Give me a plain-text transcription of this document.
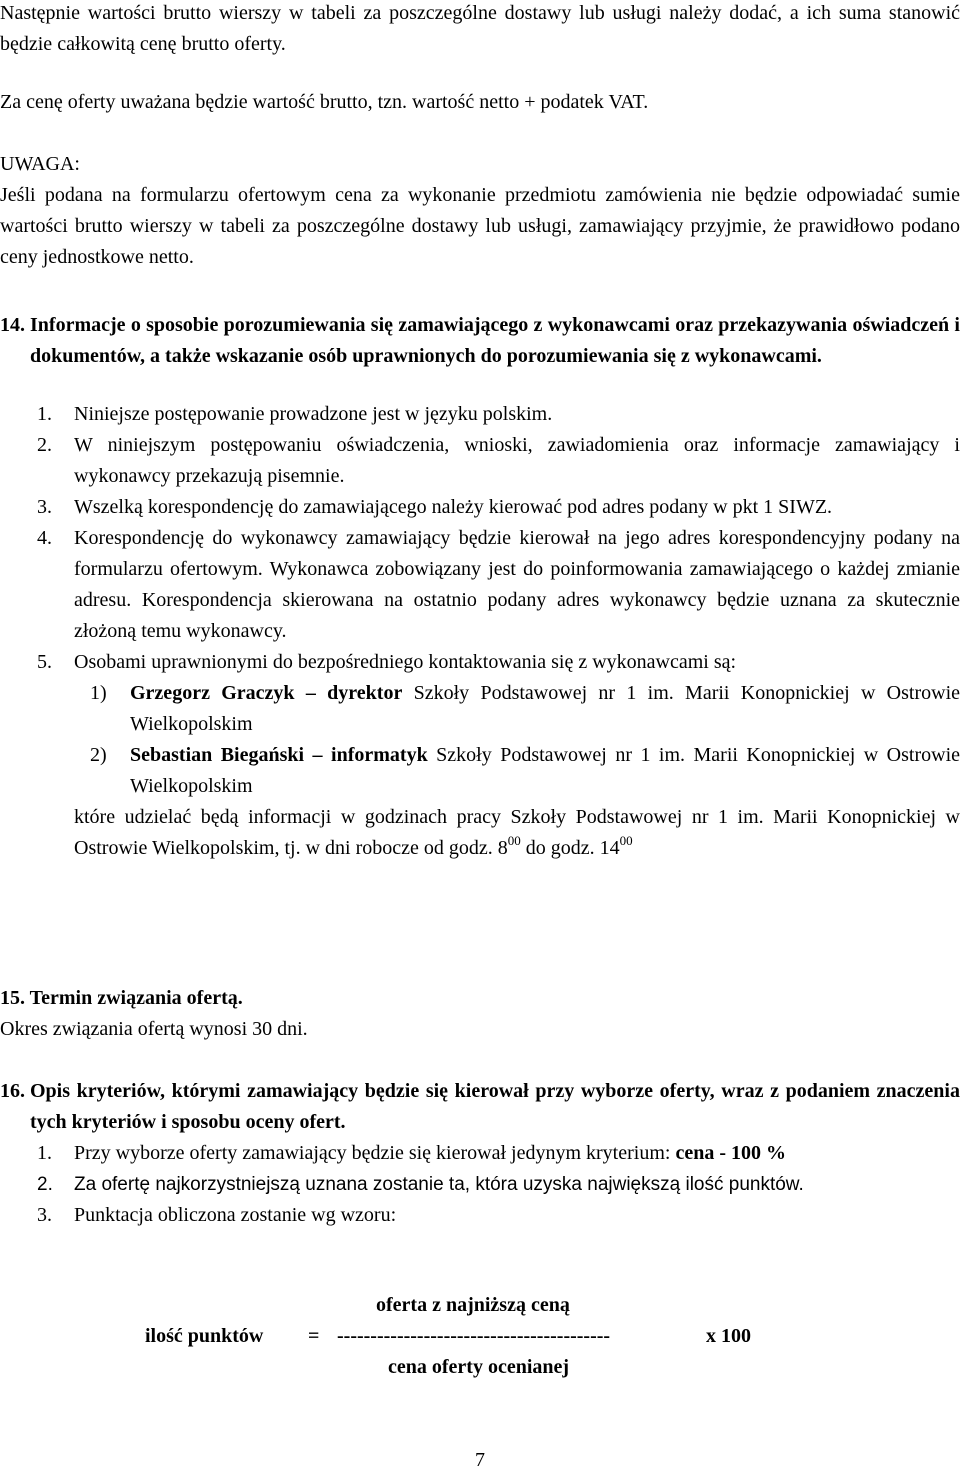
Następnie wartości brutto wierszy w tabeli za poszczególne dostawy lub usługi należy dodać, a ich suma stanowić będzie całkowitą cenę brutto oferty.

Za cenę oferty uważana będzie wartość brutto, tzn. wartość netto + podatek VAT.

UWAGA:

Jeśli podana na formularzu ofertowym cena za wykonanie przedmiotu zamówienia nie będzie odpowiadać sumie wartości brutto wierszy w tabeli za poszczególne dostawy lub usługi, zamawiający przyjmie, że prawidłowo podano ceny jednostkowe netto.

14. Informacje o sposobie porozumiewania się zamawiającego z wykonawcami oraz przekazywania oświadczeń i dokumentów, a także wskazanie osób uprawnionych do porozumiewania się z wykonawcami.
1. Niniejsze postępowanie prowadzone jest w języku polskim.
2. W niniejszym postępowaniu oświadczenia, wnioski, zawiadomienia oraz informacje zamawiający i wykonawcy przekazują pisemnie.
3. Wszelką korespondencję do zamawiającego należy kierować pod adres podany w pkt 1 SIWZ.
4. Korespondencję do wykonawcy zamawiający będzie kierował na jego adres korespondencyjny podany na formularzu ofertowym. Wykonawca zobowiązany jest do poinformowania zamawiającego o każdej zmianie adresu. Korespondencja skierowana na ostatnio podany adres wykonawcy będzie uznana za skutecznie złożoną temu wykonawcy.
5. Osobami uprawnionymi do bezpośredniego kontaktowania się z wykonawcami są:
1) Grzegorz Graczyk – dyrektor Szkoły Podstawowej nr 1 im. Marii Konopnickiej w Ostrowie Wielkopolskim
2) Sebastian Biegański – informatyk Szkoły Podstawowej nr 1 im. Marii Konopnickiej w Ostrowie Wielkopolskim
które udzielać będą informacji w godzinach pracy Szkoły Podstawowej nr 1 im. Marii Konopnickiej w Ostrowie Wielkopolskim, tj. w dni robocze od godz. $8^{00}$ do godz. $14^{00}$

15. Termin związania ofertą.

Okres związania ofertą wynosi 30 dni.

16. Opis kryteriów, którymi zamawiający będzie się kierował przy wyborze oferty, wraz z podaniem znaczenia tych kryteriów i sposobu oceny ofert.
1. Przy wyborze oferty zamawiający będzie się kierował jedynym kryterium: cena - 100 %
2. Za ofertę najkorzystniejszą uznana zostanie ta, która uzyska największą ilość punktów.
3. Punktacja obliczona zostanie wg wzoru:
oferta z najniższą ceną
ilość punktów = -----------------------------------------	x 100
cena oferty ocenianej
7
